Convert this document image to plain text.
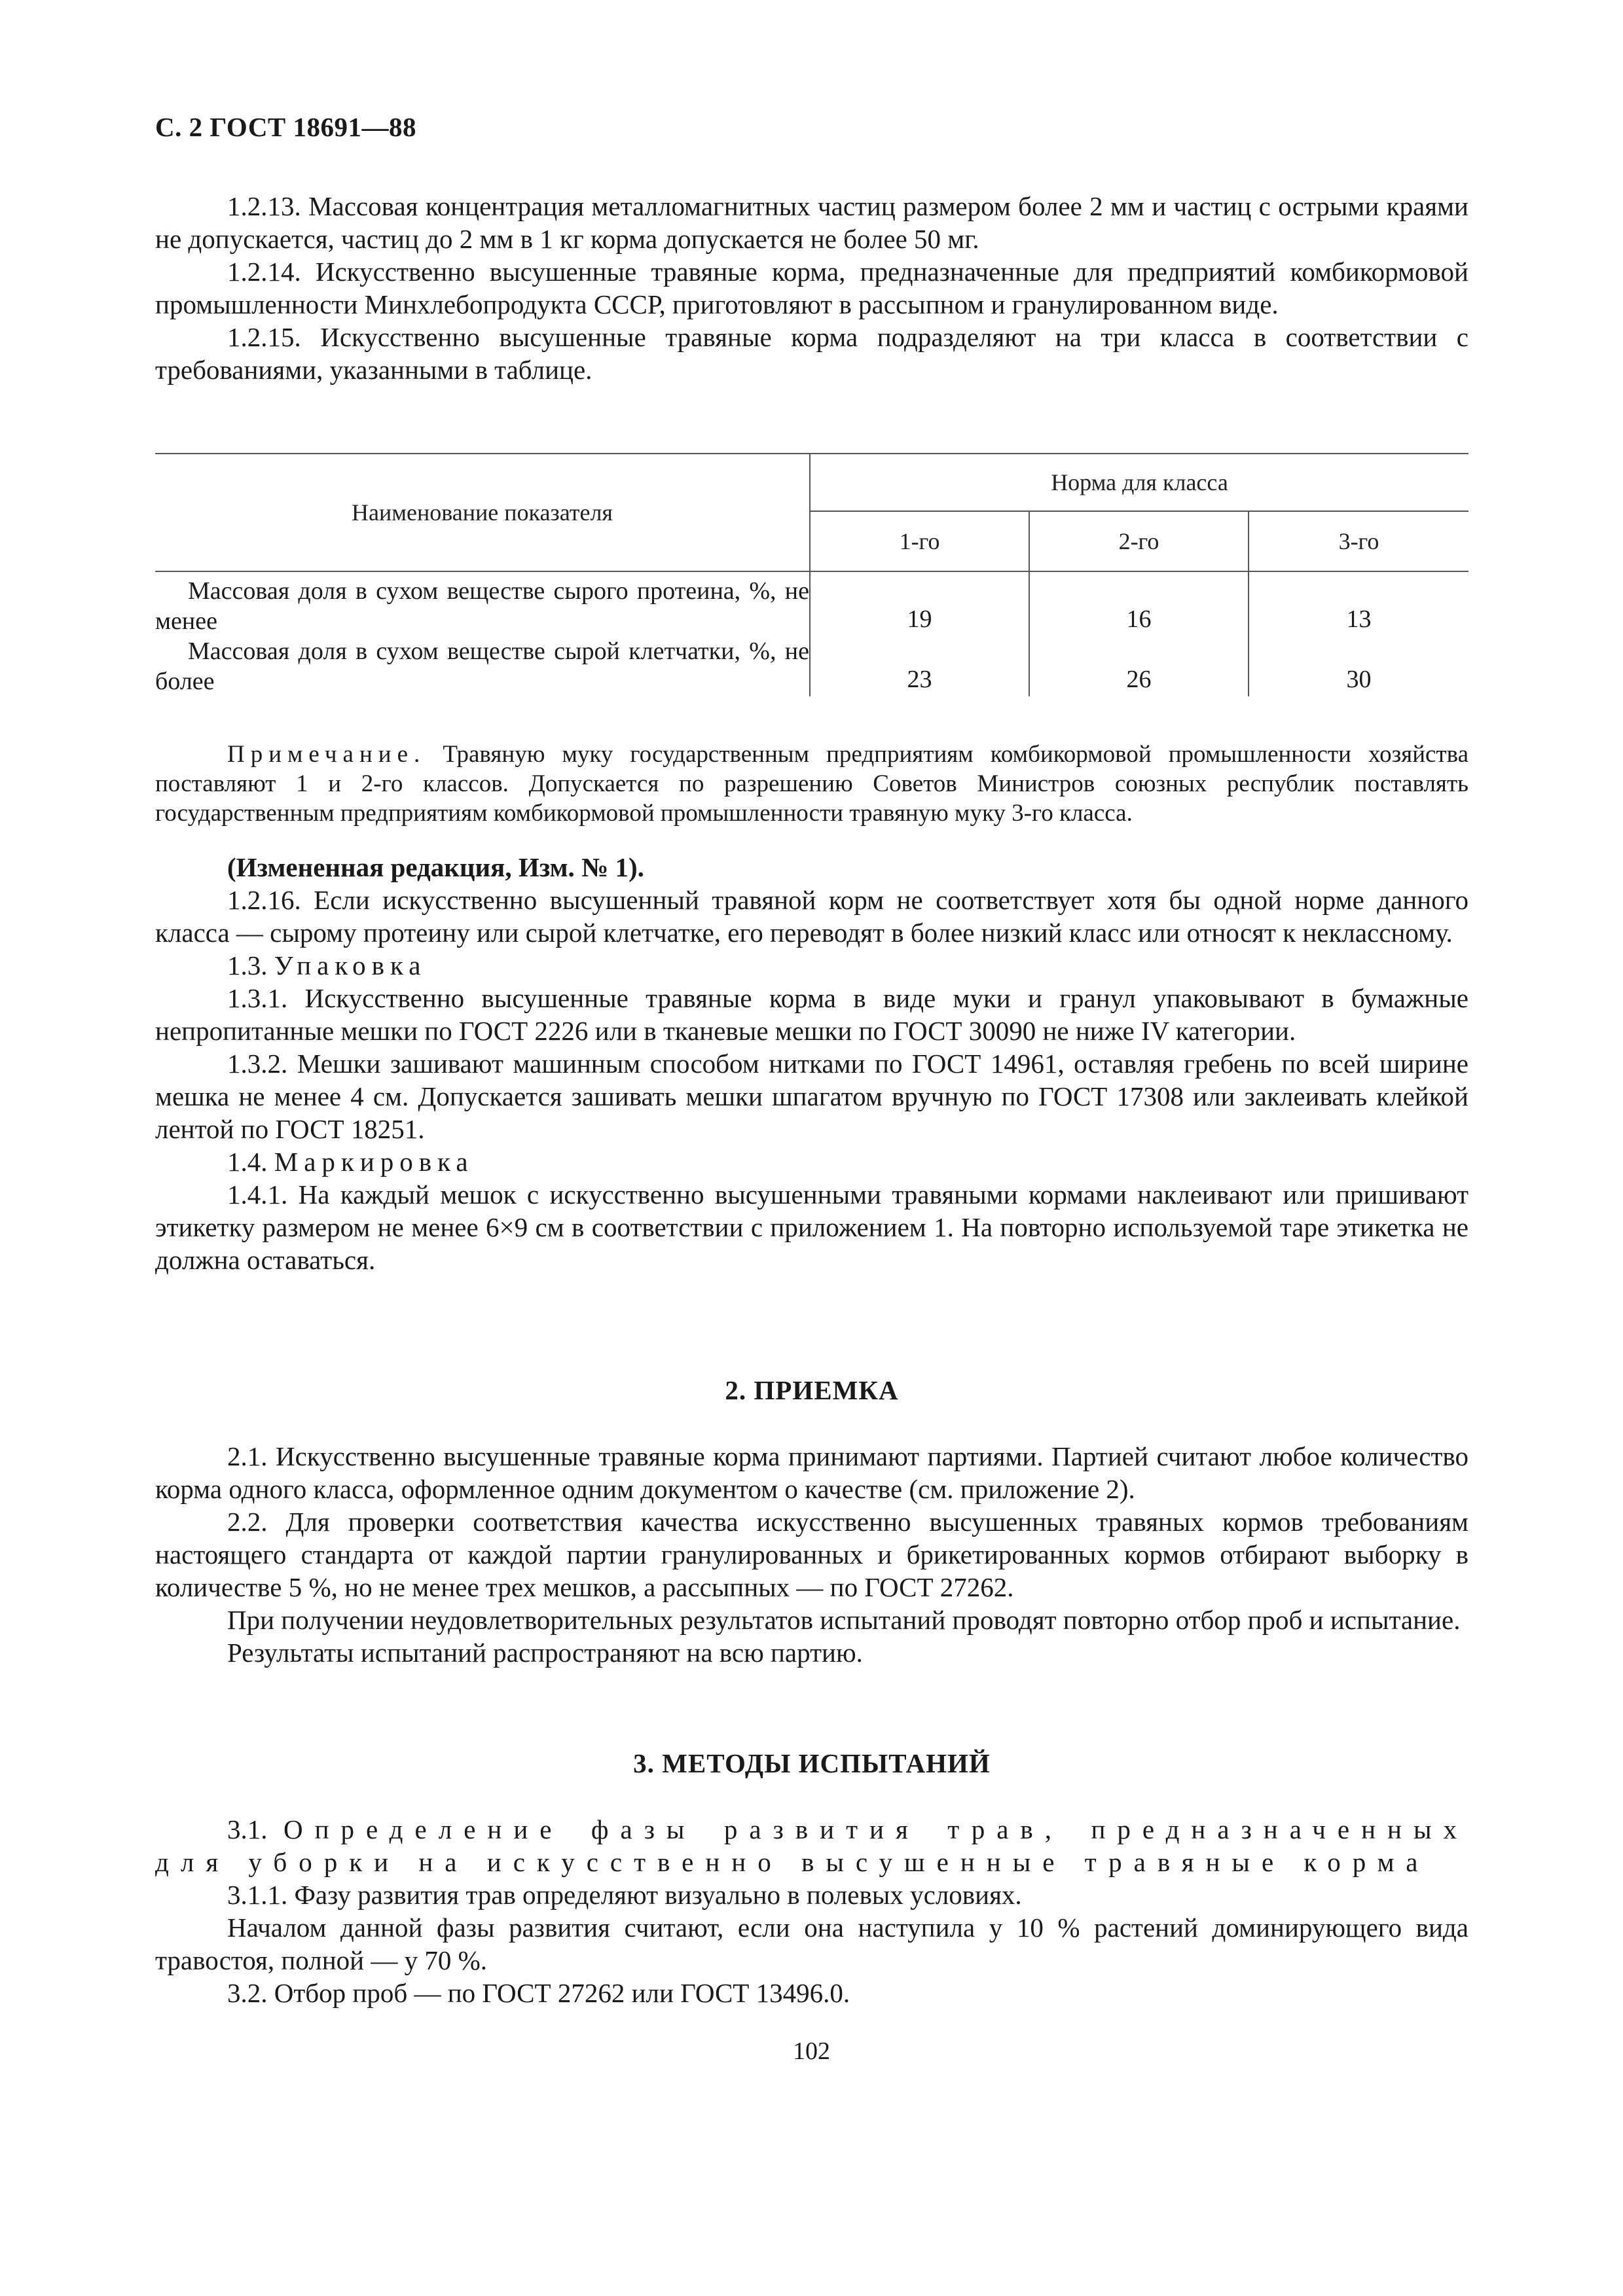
С. 2 ГОСТ 18691—88

1.2.13. Массовая концентрация металломагнитных частиц размером более 2 мм и частиц с острыми краями не допускается, частиц до 2 мм в 1 кг корма допускается не более 50 мг.

1.2.14. Искусственно высушенные травяные корма, предназначенные для предприятий комбикормовой промышленности Минхлебопродукта СССР, приготовляют в рассыпном и гранулированном виде.

1.2.15. Искусственно высушенные травяные корма подразделяют на три класса в соответствии с требованиями, указанными в таблице.

Наименование показателя	Норма для класса		
	1-го	2-го	3-го

Массовая доля в сухом веществе сырого протеина, %, не менее	19	16	13

Массовая доля в сухом веществе сырой клетчатки, %, не более	23	26	30
Примечание. Травяную муку государственным предприятиям комбикормовой промышленности хозяйства поставляют 1 и 2-го классов. Допускается по разрешению Советов Министров союзных республик поставлять государственным предприятиям комбикормовой промышленности травяную муку 3-го класса.

(Измененная редакция, Изм. № 1).

1.2.16. Если искусственно высушенный травяной корм не соответствует хотя бы одной норме данного класса — сырому протеину или сырой клетчатке, его переводят в более низкий класс или относят к неклассному.

1.3. Упаковка

1.3.1. Искусственно высушенные травяные корма в виде муки и гранул упаковывают в бумажные непропитанные мешки по ГОСТ 2226 или в тканевые мешки по ГОСТ 30090 не ниже IV категории.

1.3.2. Мешки зашивают машинным способом нитками по ГОСТ 14961, оставляя гребень по всей ширине мешка не менее 4 см. Допускается зашивать мешки шпагатом вручную по ГОСТ 17308 или заклеивать клейкой лентой по ГОСТ 18251.

1.4. Маркировка

1.4.1. На каждый мешок с искусственно высушенными травяными кормами наклеивают или пришивают этикетку размером не менее 6×9 см в соответствии с приложением 1. На повторно используемой таре этикетка не должна оставаться.

2. ПРИЕМКА

2.1. Искусственно высушенные травяные корма принимают партиями. Партией считают любое количество корма одного класса, оформленное одним документом о качестве (см. приложение 2).

2.2. Для проверки соответствия качества искусственно высушенных травяных кормов требованиям настоящего стандарта от каждой партии гранулированных и брикетированных кормов отбирают выборку в количестве 5 %, но не менее трех мешков, а рассыпных — по ГОСТ 27262.

При получении неудовлетворительных результатов испытаний проводят повторно отбор проб и испытание.

Результаты испытаний распространяют на всю партию.

3. МЕТОДЫ ИСПЫТАНИЙ

3.1. Определение фазы развития трав, предназначенных для уборки на искусственно высушенные травяные корма

3.1.1. Фазу развития трав определяют визуально в полевых условиях.

Началом данной фазы развития считают, если она наступила у 10 % растений доминирующего вида травостоя, полной — у 70 %.

3.2. Отбор проб — по ГОСТ 27262 или ГОСТ 13496.0.

102
